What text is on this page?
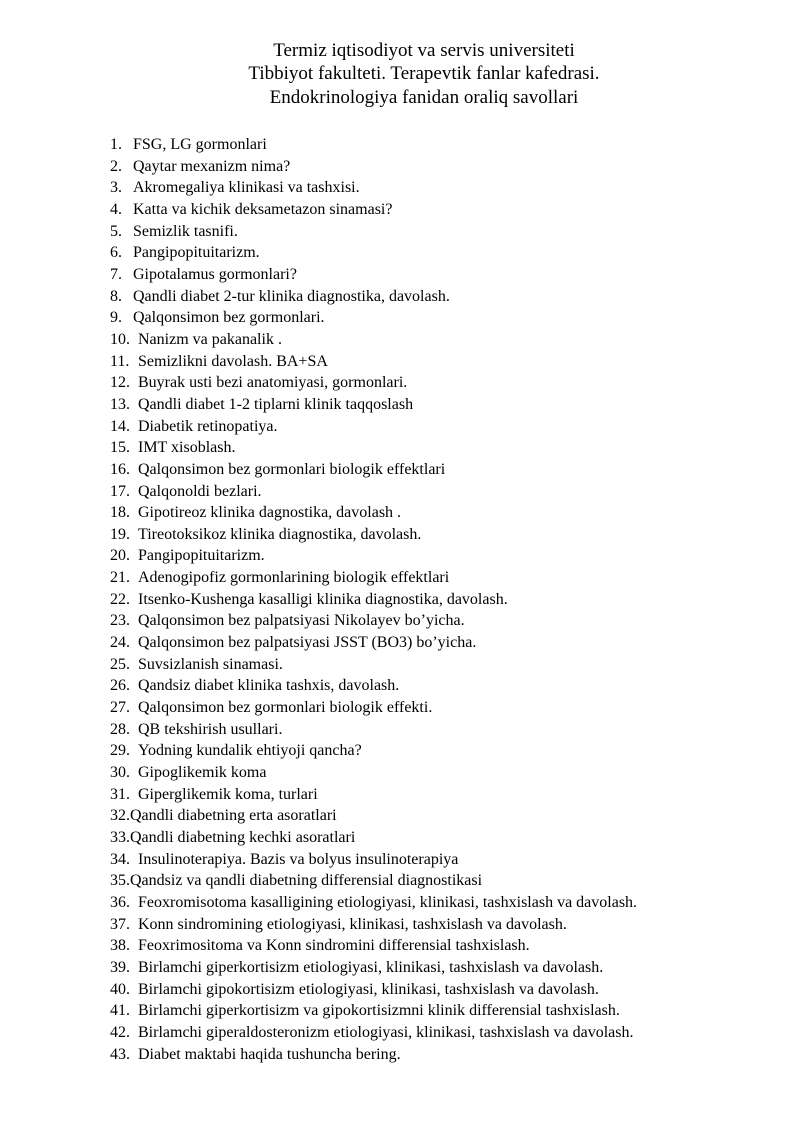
Termiz iqtisodiyot va servis universiteti
Tibbiyot fakulteti. Terapevtik fanlar kafedrasi.
Endokrinologiya fanidan oraliq savollari
1. FSG, LG gormonlari
2. Qaytar mexanizm nima?
3. Akromegaliya klinikasi va tashxisi.
4. Katta va kichik deksametazon sinamasi?
5. Semizlik tasnifi.
6. Pangipopituitarizm.
7. Gipotalamus gormonlari?
8. Qandli diabet 2-tur klinika diagnostika, davolash.
9. Qalqonsimon bez gormonlari.
10. Nanizm va pakanalik .
11. Semizlikni davolash. BA+SA
12. Buyrak usti bezi anatomiyasi, gormonlari.
13. Qandli diabet 1-2 tiplarni klinik taqqoslash
14. Diabetik retinopatiya.
15. IMT xisoblash.
16. Qalqonsimon bez gormonlari biologik effektlari
17. Qalqonoldi bezlari.
18. Gipotireoz klinika dagnostika, davolash .
19. Tireotoksikoz klinika diagnostika, davolash.
20. Pangipopituitarizm.
21. Adenogipofiz gormonlarining biologik effektlari
22. Itsenko-Kushenga kasalligi klinika diagnostika, davolash.
23. Qalqonsimon bez palpatsiyasi Nikolayev bo’yicha.
24. Qalqonsimon bez palpatsiyasi JSST (BO3) bo’yicha.
25. Suvsizlanish sinamasi.
26. Qandsiz diabet klinika tashxis, davolash.
27. Qalqonsimon bez gormonlari biologik effekti.
28. QB tekshirish usullari.
29. Yodning kundalik ehtiyoji qancha?
30. Gipoglikemik koma
31. Giperglikemik koma, turlari
32.Qandli diabetning erta asoratlari
33.Qandli diabetning kechki asoratlari
34. Insulinoterapiya. Bazis va bolyus insulinoterapiya
35.Qandsiz va qandli diabetning differensial diagnostikasi
36. Feoxromisotoma kasalligining etiologiyasi, klinikasi, tashxislash va davolash.
37. Konn sindromining etiologiyasi, klinikasi, tashxislash va davolash.
38. Feoxrimositoma va Konn sindromini differensial tashxislash.
39. Birlamchi giperkortisizm etiologiyasi, klinikasi, tashxislash va davolash.
40. Birlamchi gipokortisizm etiologiyasi, klinikasi, tashxislash va davolash.
41. Birlamchi giperkortisizm va gipokortisizmni klinik differensial tashxislash.
42. Birlamchi giperaldosteronizm etiologiyasi, klinikasi, tashxislash va davolash.
43. Diabet maktabi haqida tushuncha bering.
